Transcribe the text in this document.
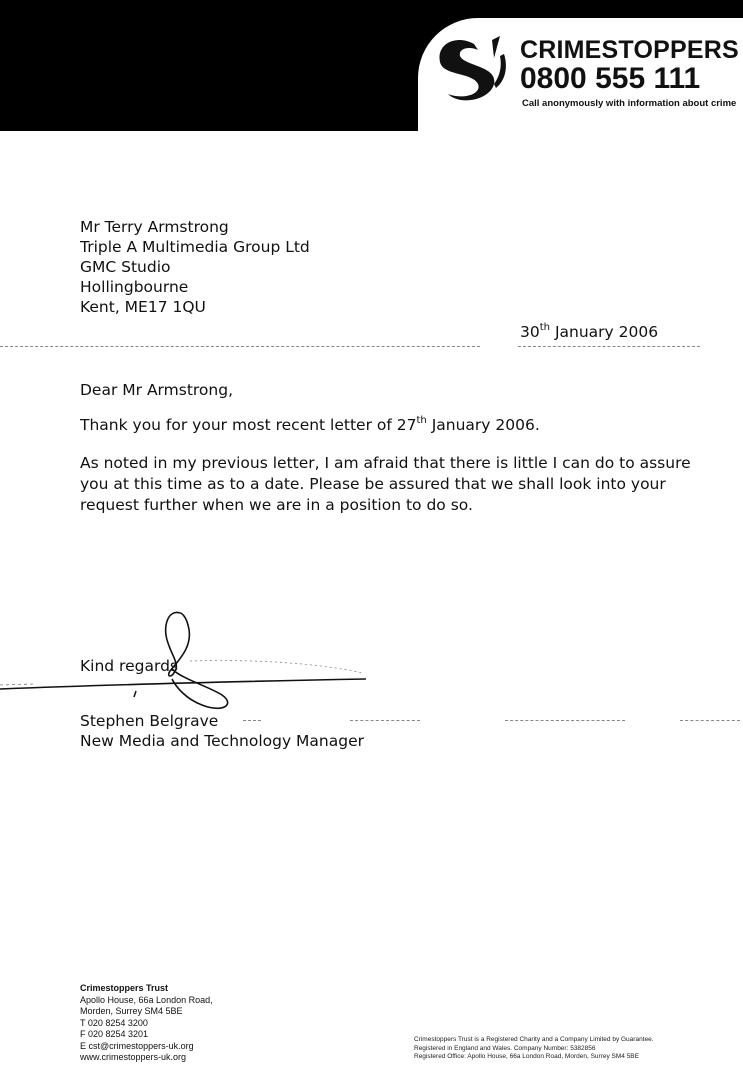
CRIMESTOPPERS
0800 555 111
Call anonymously with information about crime
Mr Terry Armstrong
Triple A Multimedia Group Ltd
GMC Studio
Hollingbourne
Kent, ME17 1QU
30th January 2006
Dear Mr Armstrong,
Thank you for your most recent letter of 27th January 2006.
As noted in my previous letter, I am afraid that there is little I can do to assure
you at this time as to a date. Please be assured that we shall look into your
request further when we are in a position to do so.
Kind regards
Stephen Belgrave
New Media and Technology Manager
Crimestoppers Trust
Apollo House, 66a London Road,
Morden, Surrey SM4 5BE
T 020 8254 3200
F 020 8254 3201
E cst@crimestoppers-uk.org
www.crimestoppers-uk.org
Crimestoppers Trust is a Registered Charity and a Company Limited by Guarantee.
Registered in England and Wales. Company Number: 5382856
Registered Office: Apollo House, 66a London Road, Morden, Surrey SM4 5BE
